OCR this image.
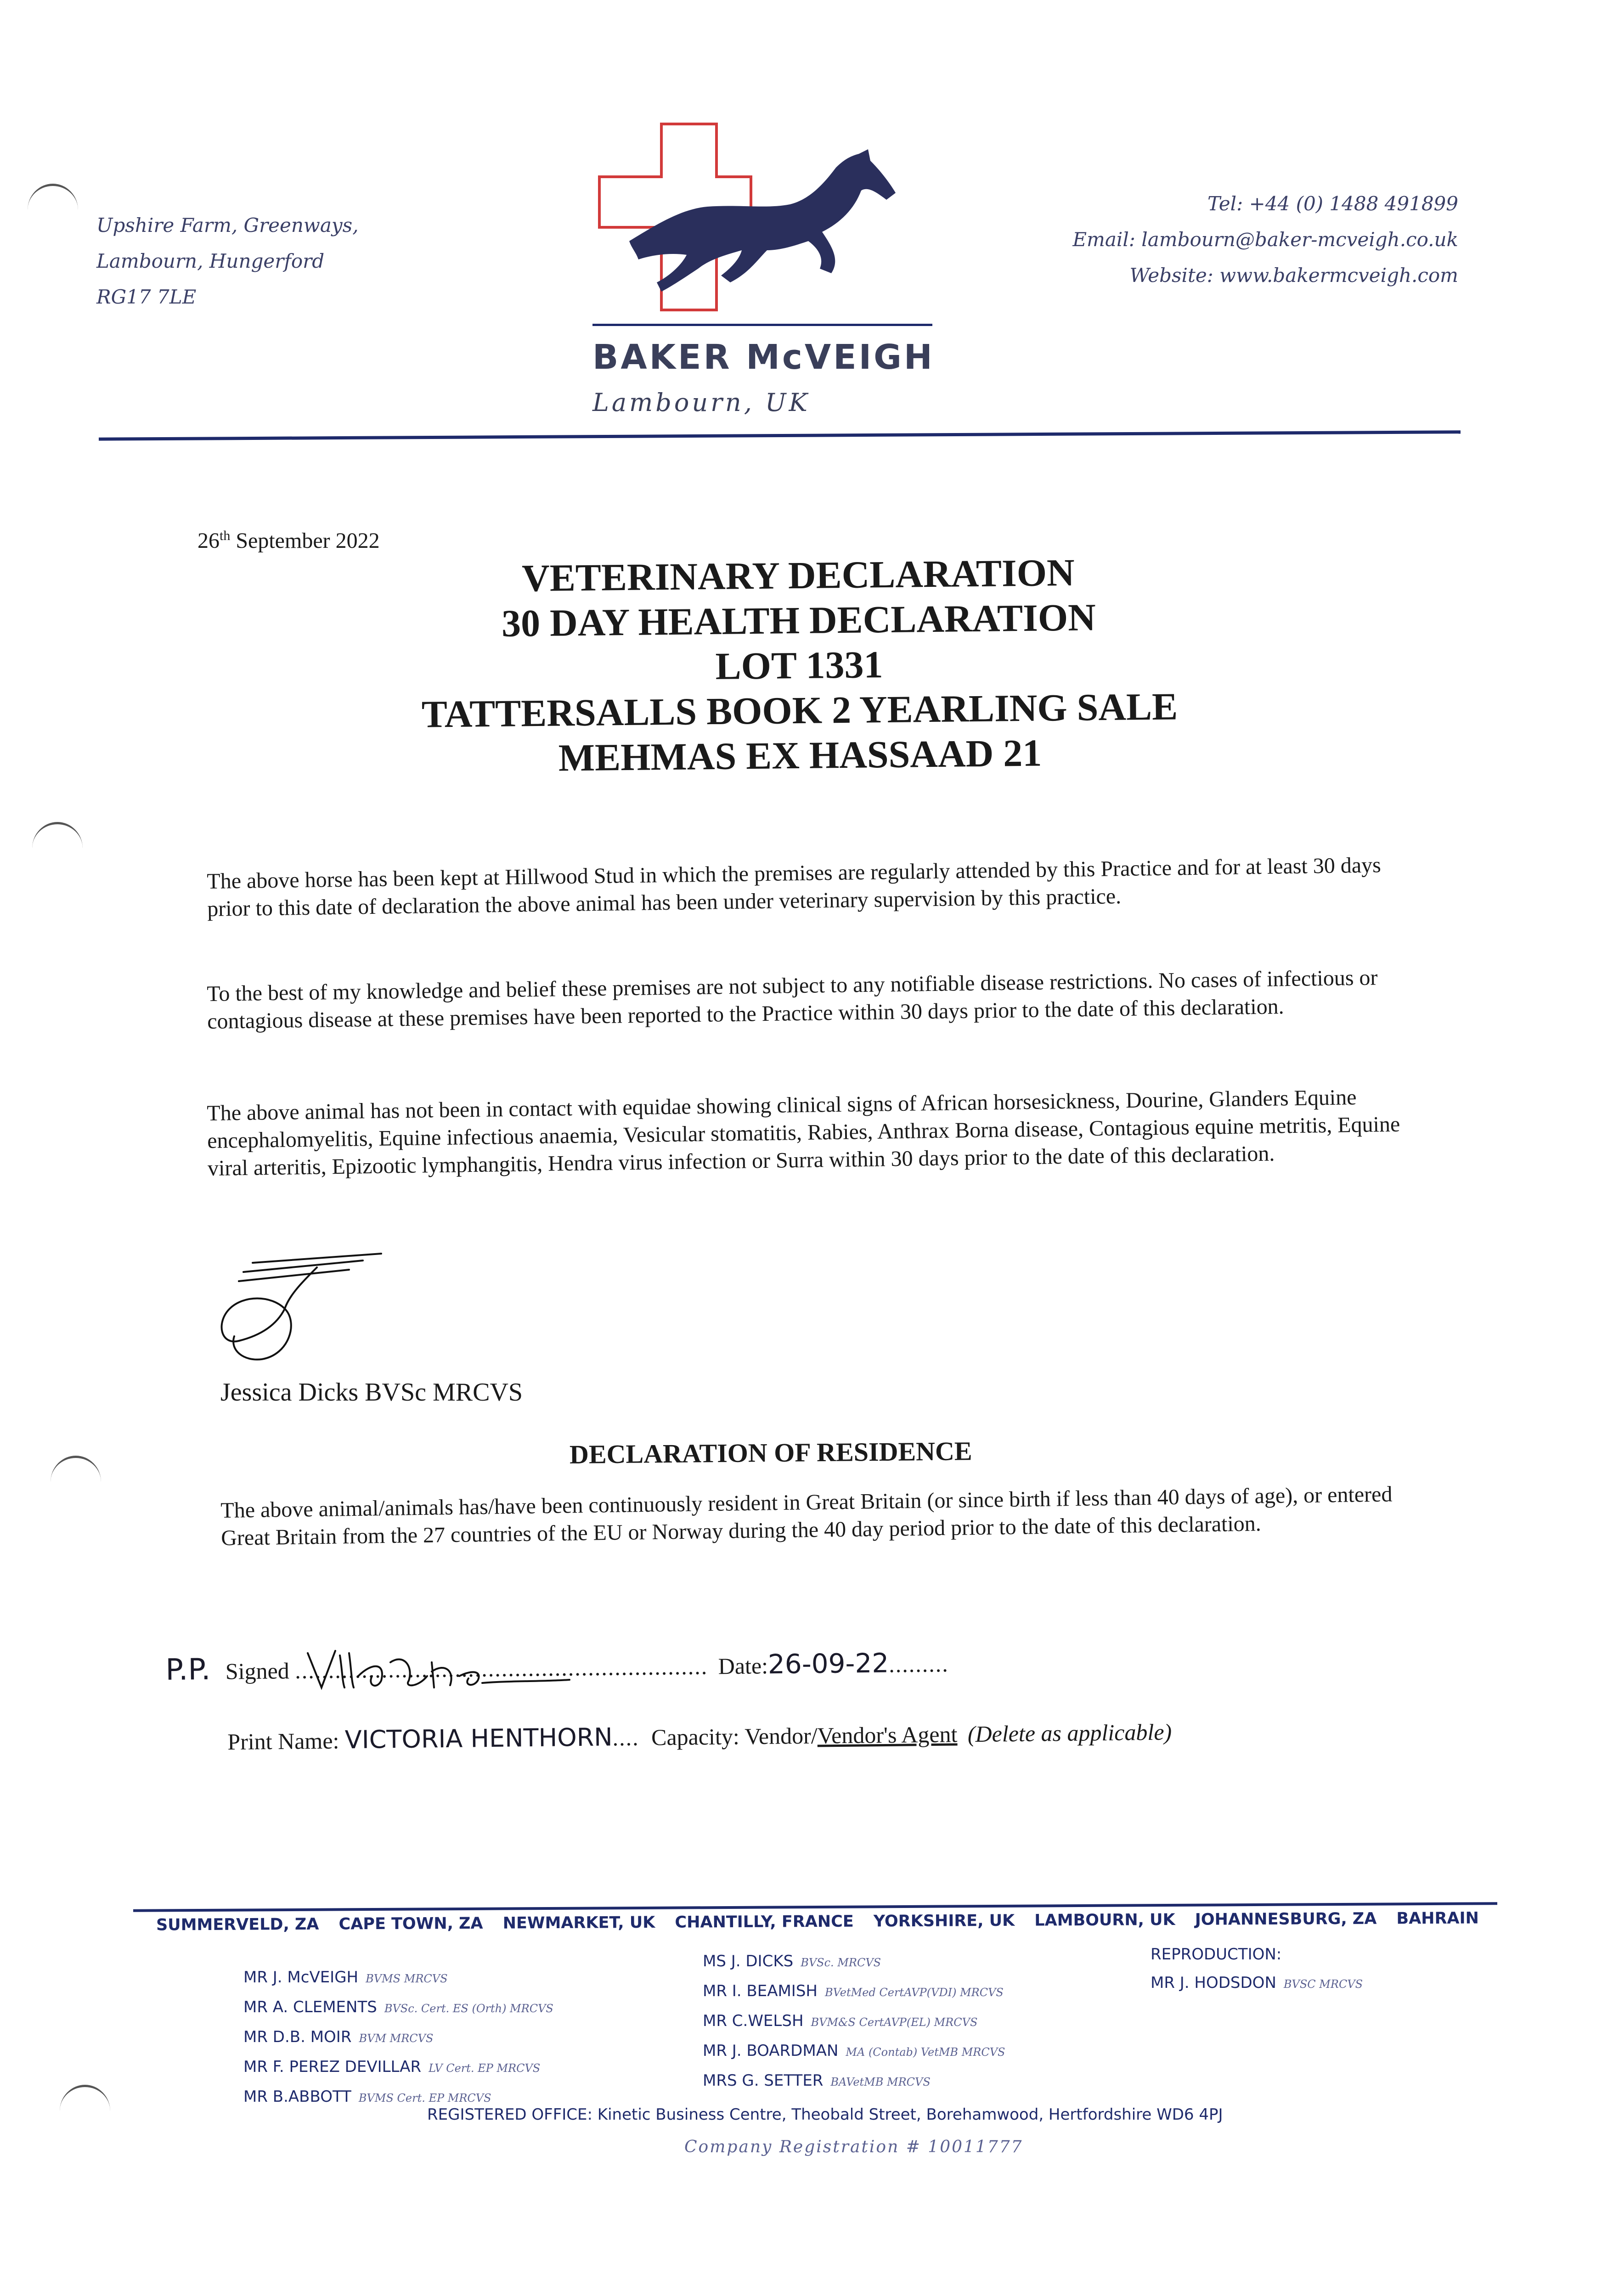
Upshire Farm, Greenways,
Lambourn, Hungerford
RG17 7LE
BAKER McVEIGH
Lambourn, UK
Tel: +44 (0) 1488 491899
Email: lambourn@baker-mcveigh.co.uk
Website: www.bakermcveigh.com
26th September 2022
VETERINARY DECLARATION
30 DAY HEALTH DECLARATION
LOT 1331
TATTERSALLS BOOK 2 YEARLING SALE
MEHMAS EX HASSAAD 21
The above horse has been kept at Hillwood Stud in which the premises are regularly attended by this Practice and for at least 30 days prior to this date of declaration the above animal has been under veterinary supervision by this practice.
To the best of my knowledge and belief these premises are not subject to any notifiable disease restrictions. No cases of infectious or contagious disease at these premises have been reported to the Practice within 30 days prior to the date of this declaration.
The above animal has not been in contact with equidae showing clinical signs of African horsesickness, Dourine, Glanders Equine encephalomyelitis, Equine infectious anaemia, Vesicular stomatitis, Rabies, Anthrax Borna disease, Contagious equine metritis, Equine viral arteritis, Epizootic lymphangitis, Hendra virus infection or Surra within 30 days prior to the date of this declaration.
Jessica Dicks BVSc MRCVS
DECLARATION OF RESIDENCE
The above animal/animals has/have been continuously resident in Great Britain (or since birth if less than 40 days of age), or entered Great Britain from the 27 countries of the EU or Norway during the 40 day period prior to the date of this declaration.
P.P. Signed .............................................................. Date:26-09-22.........
Print Name: VICTORIA HENTHORN.... Capacity: Vendor/Vendor's Agent (Delete as applicable)
SUMMERVELD, ZA CAPE TOWN, ZA NEWMARKET, UK CHANTILLY, FRANCE YORKSHIRE, UK LAMBOURN, UK JOHANNESBURG, ZA BAHRAIN
MR J. McVEIGH BVMS MRCVS
MR A. CLEMENTS BVSc. Cert. ES (Orth) MRCVS
MR D.B. MOIR BVM MRCVS
MR F. PEREZ DEVILLAR LV Cert. EP MRCVS
MR B.ABBOTT BVMS Cert. EP MRCVS
MS J. DICKS BVSc. MRCVS
MR I. BEAMISH BVetMed CertAVP(VDI) MRCVS
MR C.WELSH BVM&S CertAVP(EL) MRCVS
MR J. BOARDMAN MA (Contab) VetMB MRCVS
MRS G. SETTER BAVetMB MRCVS
REPRODUCTION:
MR J. HODSDON BVSC MRCVS
REGISTERED OFFICE: Kinetic Business Centre, Theobald Street, Borehamwood, Hertfordshire WD6 4PJ
Company Registration # 10011777
